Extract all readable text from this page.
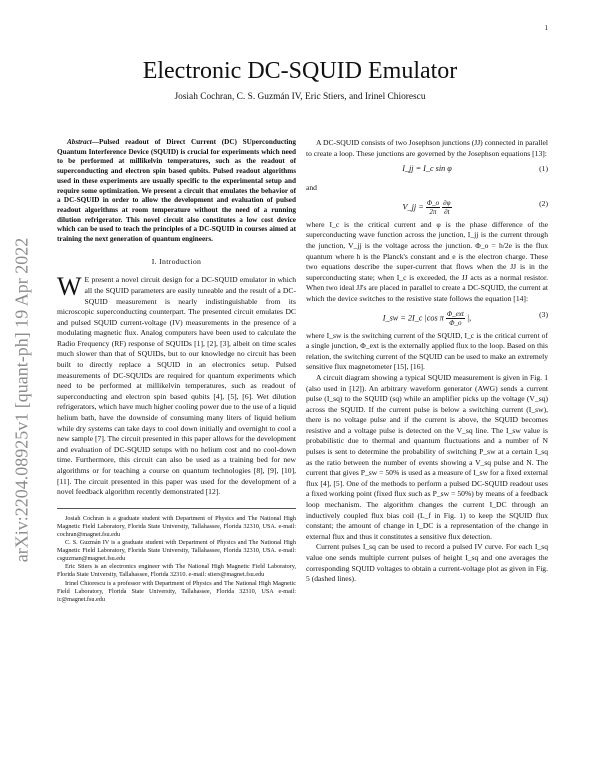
1
arXiv:2204.08925v1 [quant-ph] 19 Apr 2022
Electronic DC-SQUID Emulator
Josiah Cochran, C. S. Guzmán IV, Eric Stiers, and Irinel Chiorescu

Abstract—Pulsed readout of Direct Current (DC) SUperconducting Quantum Interference Device (SQUID) is crucial for experiments which need to be performed at millikelvin temperatures, such as the readout of superconducting and electron spin based qubits. Pulsed readout algorithms used in these experiments are usually specific to the experimental setup and require some optimization. We present a circuit that emulates the behavior of a DC-SQUID in order to allow the development and evaluation of pulsed readout algorithms at room temperature without the need of a running dilution refrigerator. This novel circuit also constitutes a low cost device which can be used to teach the principles of a DC-SQUID in courses aimed at training the next generation of quantum engineers.

I. Introduction

W E present a novel circuit design for a DC-SQUID emulator in which all the SQUID parameters are easily tuneable and the result of a DC-SQUID measurement is nearly indistinguishable from its microscopic superconducting counterpart. The presented circuit emulates DC and pulsed SQUID current-voltage (IV) measurements in the presence of a modulating magnetic flux. Analog computers have been used to calculate the Radio Frequency (RF) response of SQUIDs [1], [2], [3], albeit on time scales much slower than that of SQUIDs, but to our knowledge no circuit has been built to directly replace a SQUID in an electronics setup. Pulsed measurements of DC-SQUIDs are required for quantum experiments which need to be performed at millikelvin temperatures, such as readout of superconducting and electron spin based qubits [4], [5], [6]. Wet dilution refrigerators, which have much higher cooling power due to the use of a liquid helium bath, have the downside of consuming many liters of liquid helium while dry systems can take days to cool down initially and overnight to cool a new sample [7]. The circuit presented in this paper allows for the development and evaluation of DC-SQUID setups with no helium cost and no cool-down time. Furthermore, this circuit can also be used as a training bed for new algorithms or for teaching a course on quantum technologies [8], [9], [10], [11]. The circuit presented in this paper was used for the development of a novel feedback algorithm recently demonstrated [12].

Josiah Cochran is a graduate student with Department of Physics and The National High Magnetic Field Laboratory, Florida State University, Tallahassee, Florida 32310, USA. e-mail: cochran@magnet.fsu.edu

C. S. Guzmán IV is a graduate student with Department of Physics and The National High Magnetic Field Laboratory, Florida State University, Tallahassee, Florida 32310, USA. e-mail: csguzman@magnet.fsu.edu

Eric Stiers is an electronics engineer with The National High Magnetic Field Laboratory, Florida State University, Tallahassee, Florida 32310. e-mail: stiers@magnet.fsu.edu

Irinel Chiorescu is a professor with Department of Physics and The National High Magnetic Field Laboratory, Florida State University, Tallahassee, Florida 32310, USA e-mail: ic@magnet.fsu.edu

A DC-SQUID consists of two Josephson junctions (JJ) connected in parallel to create a loop. These junctions are governed by the Josephson equations [13]:

I_jj = I_c sin φ	(1)

and

V_jj = $\frac{\Phi\_o}{2\pi}$
$\frac{\partial\varphi}{\partial t}$	(2)

where I_c is the critical current and φ is the phase difference of the superconducting wave function across the junction, I_jj is the current through the junction, V_jj is the voltage across the junction. Φ_o = h/2e is the flux quantum where h is the Planck's constant and e is the electron charge. These two equations describe the super-current that flows when the JJ is in the superconducting state; when I_c is exceeded, the JJ acts as a normal resistor. When two ideal JJ's are placed in parallel to create a DC-SQUID, the current at which the device switches to the resistive state follows the equation [14]:

I_sw = 2I_c |cos π $\frac{\text{Φ\_ext}}{\Phi\_o}$ |,	(3)

where I_sw is the switching current of the SQUID, I_c is the critical current of a single junction, Φ_ext is the externally applied flux to the loop. Based on this relation, the switching current of the SQUID can be used to make an extremely sensitive flux magnetometer [15], [16].

A circuit diagram showing a typical SQUID measurement is given in Fig. 1 (also used in [12]). An arbitrary waveform generator (AWG) sends a current pulse (I_sq) to the SQUID (sq) while an amplifier picks up the voltage (V_sq) across the SQUID. If the current pulse is below a switching current (I_sw), there is no voltage pulse and if the current is above, the SQUID becomes resistive and a voltage pulse is detected on the V_sq line. The I_sw value is probabilistic due to thermal and quantum fluctuations and a number of N pulses is sent to determine the probability of switching P_sw at a certain I_sq as the ratio between the number of events showing a V_sq pulse and N. The current that gives P_sw = 50% is used as a measure of I_sw for a fixed external flux [4], [5]. One of the methods to perform a pulsed DC-SQUID readout uses a fixed working point (fixed flux such as P_sw = 50%) by means of a feedback loop mechanism. The algorithm changes the current I_DC through an inductively coupled flux bias coil (L_f in Fig. 1) to keep the SQUID flux constant; the amount of change in I_DC is a representation of the change in external flux and thus it constitutes a sensitive flux detection.

Current pulses I_sq can be used to record a pulsed IV curve. For each I_sq value one sends multiple current pulses of height I_sq and one averages the corresponding SQUID voltages to obtain a current-voltage plot as given in Fig. 5 (dashed lines).
